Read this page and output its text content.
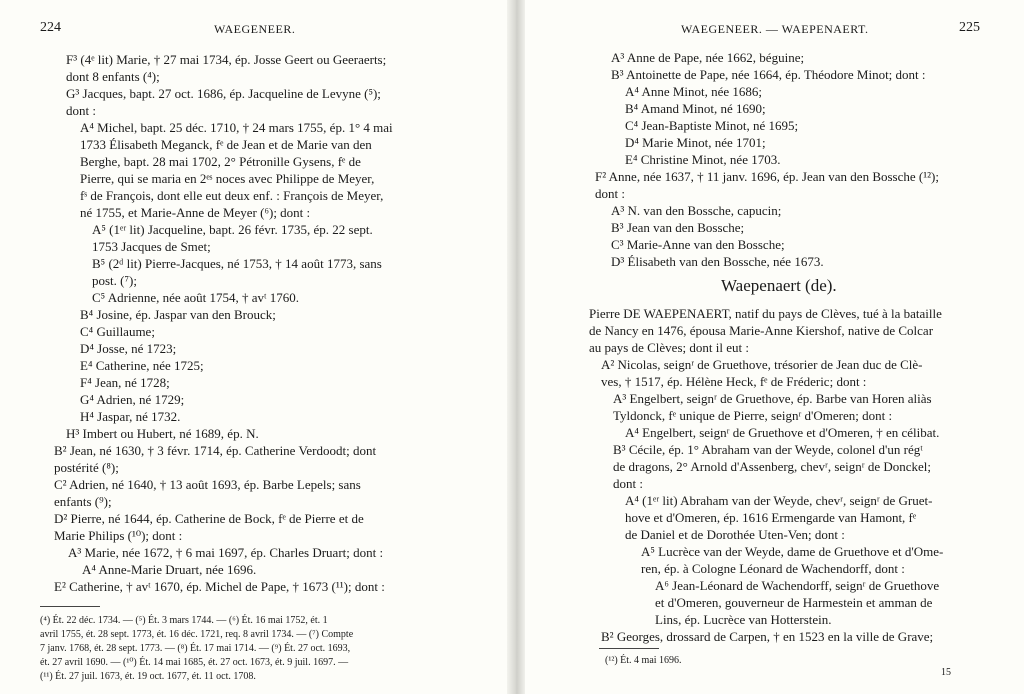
224	WAEGENEER.
F³ (4ᵉ lit) Marie, † 27 mai 1734, ép. Josse Geert ou Geeraerts;
dont 8 enfants (⁴);
G³ Jacques, bapt. 27 oct. 1686, ép. Jacqueline de Levyne (⁵);
dont :
A⁴ Michel, bapt. 25 déc. 1710, † 24 mars 1755, ép. 1° 4 mai
1733 Élisabeth Meganck, fᵉ de Jean et de Marie van den
Berghe, bapt. 28 mai 1702, 2° Pétronille Gysens, fᵉ de
Pierre, qui se maria en 2ᵉˢ noces avec Philippe de Meyer,
fˢ de François, dont elle eut deux enf. : François de Meyer,
né 1755, et Marie-Anne de Meyer (⁶); dont :
A⁵ (1ᵉʳ lit) Jacqueline, bapt. 26 févr. 1735, ép. 22 sept.
1753 Jacques de Smet;
B⁵ (2ᵈ lit) Pierre-Jacques, né 1753, † 14 août 1773, sans
post. (⁷);
C⁵ Adrienne, née août 1754, † avᵗ 1760.
B⁴ Josine, ép. Jaspar van den Brouck;
C⁴ Guillaume;
D⁴ Josse, né 1723;
E⁴ Catherine, née 1725;
F⁴ Jean, né 1728;
G⁴ Adrien, né 1729;
H⁴ Jaspar, né 1732.
H³ Imbert ou Hubert, né 1689, ép. N.
B² Jean, né 1630, † 3 févr. 1714, ép. Catherine Verdoodt; dont
postérité (⁸);
C² Adrien, né 1640, † 13 août 1693, ép. Barbe Lepels; sans
enfants (⁹);
D² Pierre, né 1644, ép. Catherine de Bock, fᵉ de Pierre et de
Marie Philips (¹⁰); dont :
A³ Marie, née 1672, † 6 mai 1697, ép. Charles Druart; dont :
A⁴ Anne-Marie Druart, née 1696.
E² Catherine, † avᵗ 1670, ép. Michel de Pape, † 1673 (¹¹); dont :
(⁴) Ét. 22 déc. 1734. — (⁵) Ét. 3 mars 1744. — (⁶) Ét. 16 mai 1752, ét. 1
avril 1755, ét. 28 sept. 1773, ét. 16 déc. 1721, req. 8 avril 1734. — (⁷) Compte
7 janv. 1768, ét. 28 sept. 1773. — (⁸) Ét. 17 mai 1714. — (⁹) Ét. 27 oct. 1693,
ét. 27 avril 1690. — (¹⁰) Ét. 14 mai 1685, ét. 27 oct. 1673, ét. 9 juil. 1697. —
(¹¹) Ét. 27 juil. 1673, ét. 19 oct. 1677, ét. 11 oct. 1708.
WAEGENEER. — WAEPENAERT.	225
A³ Anne de Pape, née 1662, béguine;
B³ Antoinette de Pape, née 1664, ép. Théodore Minot; dont :
A⁴ Anne Minot, née 1686;
B⁴ Amand Minot, né 1690;
C⁴ Jean-Baptiste Minot, né 1695;
D⁴ Marie Minot, née 1701;
E⁴ Christine Minot, née 1703.
F² Anne, née 1637, † 11 janv. 1696, ép. Jean van den Bossche (¹²);
dont :
A³ N. van den Bossche, capucin;
B³ Jean van den Bossche;
C³ Marie-Anne van den Bossche;
D³ Élisabeth van den Bossche, née 1673.
Waepenaert (de).
Pierre DE WAEPENAERT, natif du pays de Clèves, tué à la bataille
de Nancy en 1476, épousa Marie-Anne Kiershof, native de Colcar
au pays de Clèves; dont il eut :
A² Nicolas, seignʳ de Gruethove, trésorier de Jean duc de Clè-
ves, † 1517, ép. Hélène Heck, fᵉ de Fréderic; dont :
A³ Engelbert, seignʳ de Gruethove, ép. Barbe van Horen aliàs
Tyldonck, fᵉ unique de Pierre, seignʳ d'Omeren; dont :
A⁴ Engelbert, seignʳ de Gruethove et d'Omeren, † en célibat.
B³ Cécile, ép. 1° Abraham van der Weyde, colonel d'un régᵗ
de dragons, 2° Arnold d'Assenberg, chevʳ, seignʳ de Donckel;
dont :
A⁴ (1ᵉʳ lit) Abraham van der Weyde, chevʳ, seignʳ de Gruet-
hove et d'Omeren, ép. 1616 Ermengarde van Hamont, fᵉ
de Daniel et de Dorothée Uten-Ven; dont :
A⁵ Lucrèce van der Weyde, dame de Gruethove et d'Ome-
ren, ép. à Cologne Léonard de Wachendorff, dont :
A⁶ Jean-Léonard de Wachendorff, seignʳ de Gruethove
et d'Omeren, gouverneur de Harmestein et amman de
Lins, ép. Lucrèce van Hotterstein.
B² Georges, drossard de Carpen, † en 1523 en la ville de Grave;
(¹²) Ét. 4 mai 1696.
15
